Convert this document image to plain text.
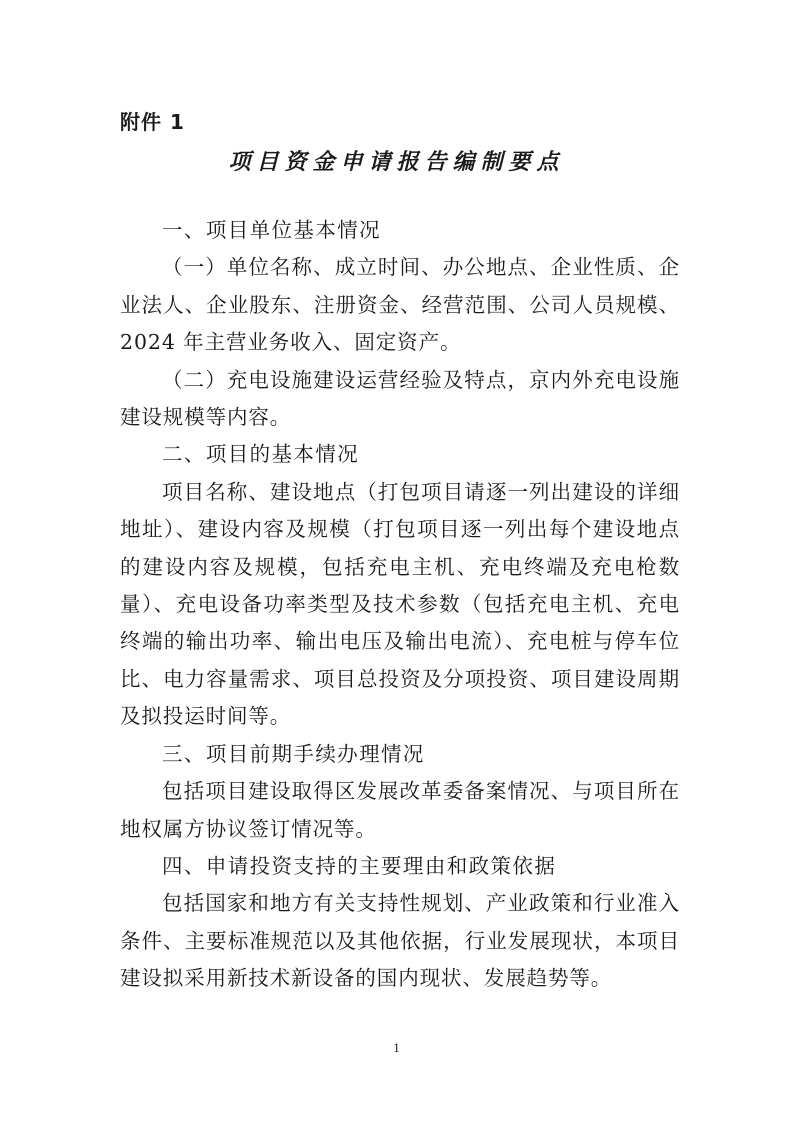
附件 1
项目资金申请报告编制要点

一、项目单位基本情况

（一）单位名称、成立时间、办公地点、企业性质、企业法人、企业股东、注册资金、经营范围、公司人员规模、2024 年主营业务收入、固定资产。

（二）充电设施建设运营经验及特点，京内外充电设施建设规模等内容。

二、项目的基本情况

项目名称、建设地点（打包项目请逐一列出建设的详细地址）、建设内容及规模（打包项目逐一列出每个建设地点的建设内容及规模，包括充电主机、充电终端及充电枪数量）、充电设备功率类型及技术参数（包括充电主机、充电终端的输出功率、输出电压及输出电流）、充电桩与停车位比、电力容量需求、项目总投资及分项投资、项目建设周期及拟投运时间等。

三、项目前期手续办理情况

包括项目建设取得区发展改革委备案情况、与项目所在地权属方协议签订情况等。

四、申请投资支持的主要理由和政策依据

包括国家和地方有关支持性规划、产业政策和行业准入条件、主要标准规范以及其他依据，行业发展现状，本项目建设拟采用新技术新设备的国内现状、发展趋势等。

1
